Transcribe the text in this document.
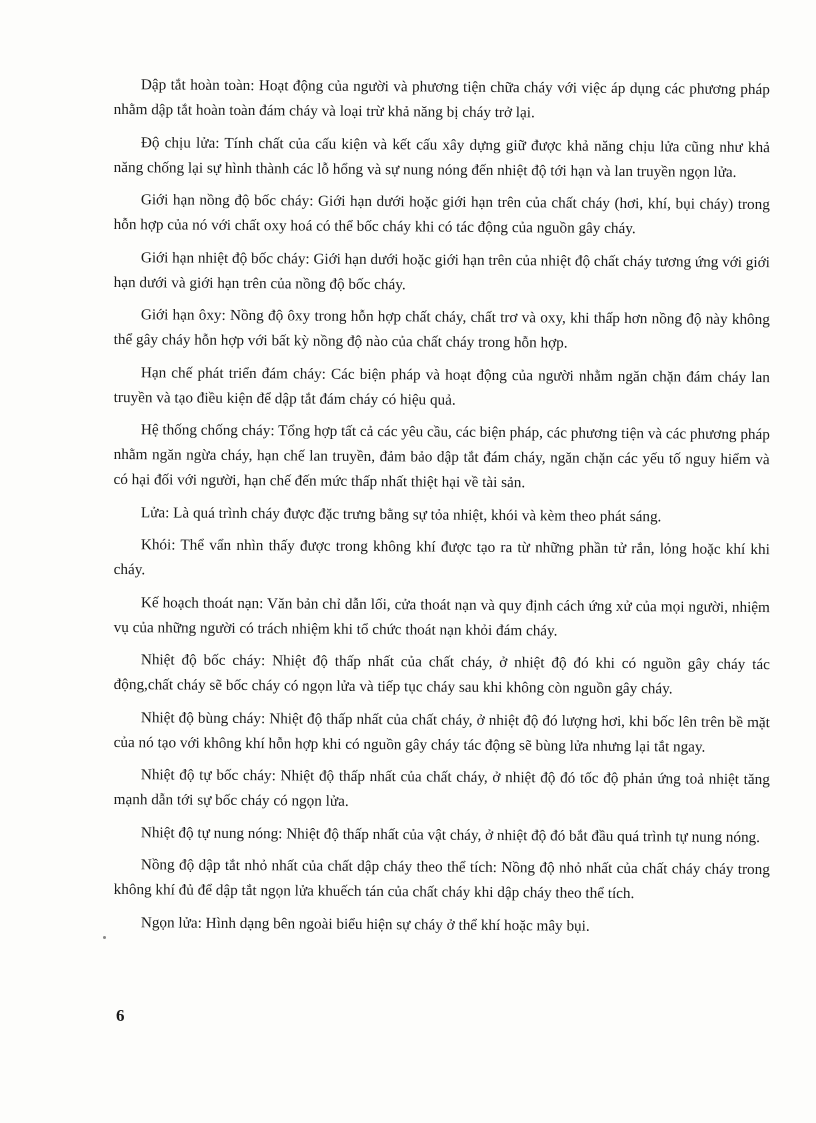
Dập tắt hoàn toàn: Hoạt động của người và phương tiện chữa cháy với việc áp dụng các phương pháp nhằm dập tắt hoàn toàn đám cháy và loại trừ khả năng bị cháy trở lại.

Độ chịu lửa: Tính chất của cấu kiện và kết cấu xây dựng giữ được khả năng chịu lửa cũng như khả năng chống lại sự hình thành các lỗ hổng và sự nung nóng đến nhiệt độ tới hạn và lan truyền ngọn lửa.

Giới hạn nồng độ bốc cháy: Giới hạn dưới hoặc giới hạn trên của chất cháy (hơi, khí, bụi cháy) trong hỗn hợp của nó với chất oxy hoá có thể bốc cháy khi có tác động của nguồn gây cháy.

Giới hạn nhiệt độ bốc cháy: Giới hạn dưới hoặc giới hạn trên của nhiệt độ chất cháy tương ứng với giới hạn dưới và giới hạn trên của nồng độ bốc cháy.

Giới hạn ôxy: Nồng độ ôxy trong hỗn hợp chất cháy, chất trơ và oxy, khi thấp hơn nồng độ này không thể gây cháy hỗn hợp với bất kỳ nồng độ nào của chất cháy trong hỗn hợp.

Hạn chế phát triển đám cháy: Các biện pháp và hoạt động của người nhằm ngăn chặn đám cháy lan truyền và tạo điều kiện để dập tắt đám cháy có hiệu quả.

Hệ thống chống cháy: Tổng hợp tất cả các yêu cầu, các biện pháp, các phương tiện và các phương pháp nhằm ngăn ngừa cháy, hạn chế lan truyền, đảm bảo dập tắt đám cháy, ngăn chặn các yếu tố nguy hiểm và có hại đối với người, hạn chế đến mức thấp nhất thiệt hại về tài sản.

Lửa: Là quá trình cháy được đặc trưng bằng sự tỏa nhiệt, khói và kèm theo phát sáng.

Khói: Thể vẩn nhìn thấy được trong không khí được tạo ra từ những phần tử rắn, lỏng hoặc khí khi cháy.

Kế hoạch thoát nạn: Văn bản chỉ dẫn lối, cửa thoát nạn và quy định cách ứng xử của mọi người, nhiệm vụ của những người có trách nhiệm khi tổ chức thoát nạn khỏi đám cháy.

Nhiệt độ bốc cháy: Nhiệt độ thấp nhất của chất cháy, ở nhiệt độ đó khi có nguồn gây cháy tác động,chất cháy sẽ bốc cháy có ngọn lửa và tiếp tục cháy sau khi không còn nguồn gây cháy.

Nhiệt độ bùng cháy: Nhiệt độ thấp nhất của chất cháy, ở nhiệt độ đó lượng hơi, khi bốc lên trên bề mặt của nó tạo với không khí hỗn hợp khi có nguồn gây cháy tác động sẽ bùng lửa nhưng lại tắt ngay.

Nhiệt độ tự bốc cháy: Nhiệt độ thấp nhất của chất cháy, ở nhiệt độ đó tốc độ phản ứng toả nhiệt tăng mạnh dẫn tới sự bốc cháy có ngọn lửa.

Nhiệt độ tự nung nóng: Nhiệt độ thấp nhất của vật cháy, ở nhiệt độ đó bắt đầu quá trình tự nung nóng.

Nồng độ dập tắt nhỏ nhất của chất dập cháy theo thể tích: Nồng độ nhỏ nhất của chất cháy cháy trong không khí đủ để dập tắt ngọn lửa khuếch tán của chất cháy khi dập cháy theo thể tích.

Ngọn lửa: Hình dạng bên ngoài biểu hiện sự cháy ở thể khí hoặc mây bụi.

6
